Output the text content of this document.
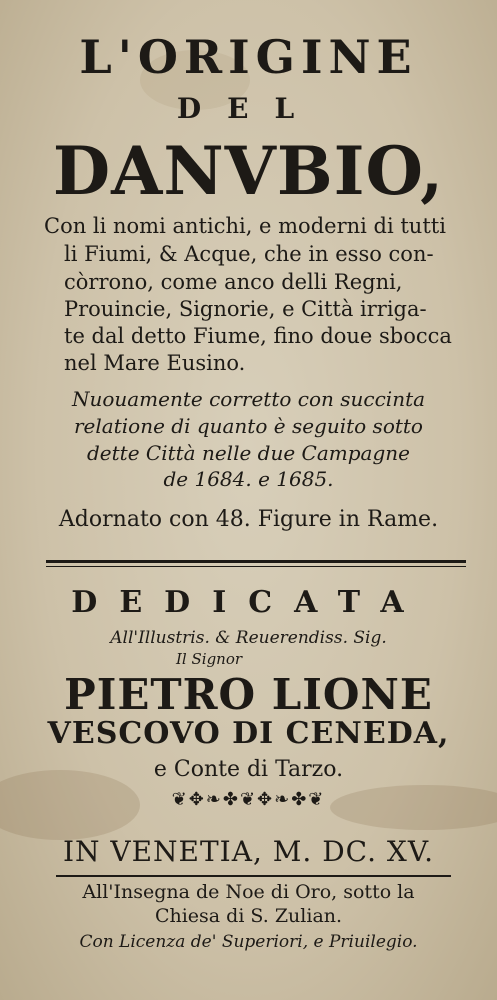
L'ORIGINE

DEL

DANVBIO,

Con li nomi antichi, e moderni di tutti

li Fiumi, & Acque, che in esso con-

còrrono, come anco delli Regni,

Prouincie, Signorie, e Città irriga-

te dal detto Fiume, fino doue sbocca

nel Mare Eusino.

Nuouamente corretto con succinta

relatione di quanto è seguito sotto

dette Città nelle due Campagne

de 1684. e 1685.

Adornato con 48. Figure in Rame.

DEDICATA

All'Illustris. & Reuerendiss. Sig.

Il Signor

PIETRO LIONE

VESCOVO DI CENEDA,

e Conte di Tarzo.

❦✥❧✤❦✥❧✤❦

IN VENETIA, M. DC. XV.

All'Insegna de Noe di Oro, sotto la

Chiesa di S. Zulian.

Con Licenza de' Superiori, e Priuilegio.
